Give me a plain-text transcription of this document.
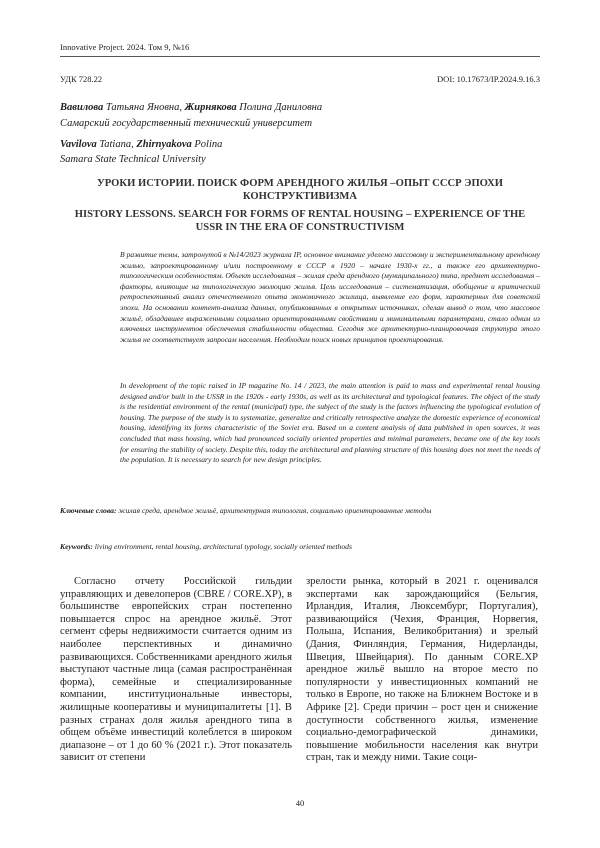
Innovative Project. 2024. Том 9, №16
УДК 728.22	DOI: 10.17673/IP.2024.9.16.3
Вавилова Татьяна Яновна, Жирнякова Полина Даниловна
Самарский государственный технический университет
Vavilova Tatiana, Zhirnyakova Polina
Samara State Technical University
УРОКИ ИСТОРИИ. ПОИСК ФОРМ АРЕНДНОГО ЖИЛЬЯ –ОПЫТ СССР ЭПОХИ КОНСТРУКТИВИЗМА
HISTORY LESSONS. SEARCH FOR FORMS OF RENTAL HOUSING – EXPERIENCE OF THE USSR IN THE ERA OF CONSTRUCTIVISM
В развитие темы, затронутой в №14/2023 журнала IP, основное внимание уделено массовому и экспериментальному арендному жилью, запроектированному и/или построенному в СССР в 1920 – начале 1930-х гг., а также его архитектурно-типологическим особенностям. Объект исследования – жилая среда арендного (муниципального) типа, предмет исследования – факторы, влияющие на типологическую эволюцию жилья. Цель исследования – систематизация, обобщение и критический ретроспективный анализ отечественного опыта экономичного жилища, выявление его форм, характерных для советской эпохи. На основании контент-анализа данных, опубликованных в открытых источниках, сделан вывод о том, что массовое жильё, обладавшее выраженными социально ориентированными свойствами и минимальными параметрами, стало одним из ключевых инструментов обеспечения стабильности общества. Сегодня же архитектурно-планировочная структура этого жилья не соответствует запросам населения. Необходим поиск новых принципов проектирования.
In development of the topic raised in IP magazine No. 14 / 2023, the main attention is paid to mass and experimental rental housing designed and/or built in the USSR in the 1920s - early 1930s, as well as its architectural and typological features. The object of the study is the residential environment of the rental (municipal) type, the subject of the study is the factors influencing the typological evolution of housing. The purpose of the study is to systematize, generalize and critically retrospective analyze the domestic experience of economical housing, identifying its forms characteristic of the Soviet era. Based on a content analysis of data published in open sources, it was concluded that mass housing, which had pronounced socially oriented properties and minimal parameters, became one of the key tools for ensuring the stability of society. Despite this, today the architectural and planning structure of this housing does not meet the needs of the population. It is necessary to search for new design principles.
Ключевые слова: жилая среда, арендное жильё, архитектурная типология, социально ориентированные методы
Keywords: living environment, rental housing, architectural typology, socially oriented methods
Согласно отчету Российской гильдии управляющих и девелоперов (CBRE / CORE.XP), в большинстве европейских стран постепенно повышается спрос на арендное жильё. Этот сегмент сферы недвижимости считается одним из наиболее перспективных и динамично развивающихся. Собственниками арендного жилья выступают частные лица (самая распространённая форма), семейные и специализированные компании, институциональные инвесторы, жилищные кооперативы и муниципалитеты [1]. В разных странах доля жилья арендного типа в общем объёме инвестиций колеблется в широком диапазоне – от 1 до 60 % (2021 г.). Этот показатель зависит от степени
зрелости рынка, который в 2021 г. оценивался экспертами как зарождающийся (Бельгия, Ирландия, Италия, Люксембург, Португалия), развивающийся (Чехия, Франция, Норвегия, Польша, Испания, Великобритания) и зрелый (Дания, Финляндия, Германия, Нидерланды, Швеция, Швейцария). По данным CORE.XP арендное жильё вышло на второе место по популярности у инвестиционных компаний не только в Европе, но также на Ближнем Востоке и в Африке [2]. Среди причин – рост цен и снижение доступности собственного жилья, изменение социально-демографической динамики, повышение мобильности населения как внутри стран, так и между ними. Такие соци-
40
